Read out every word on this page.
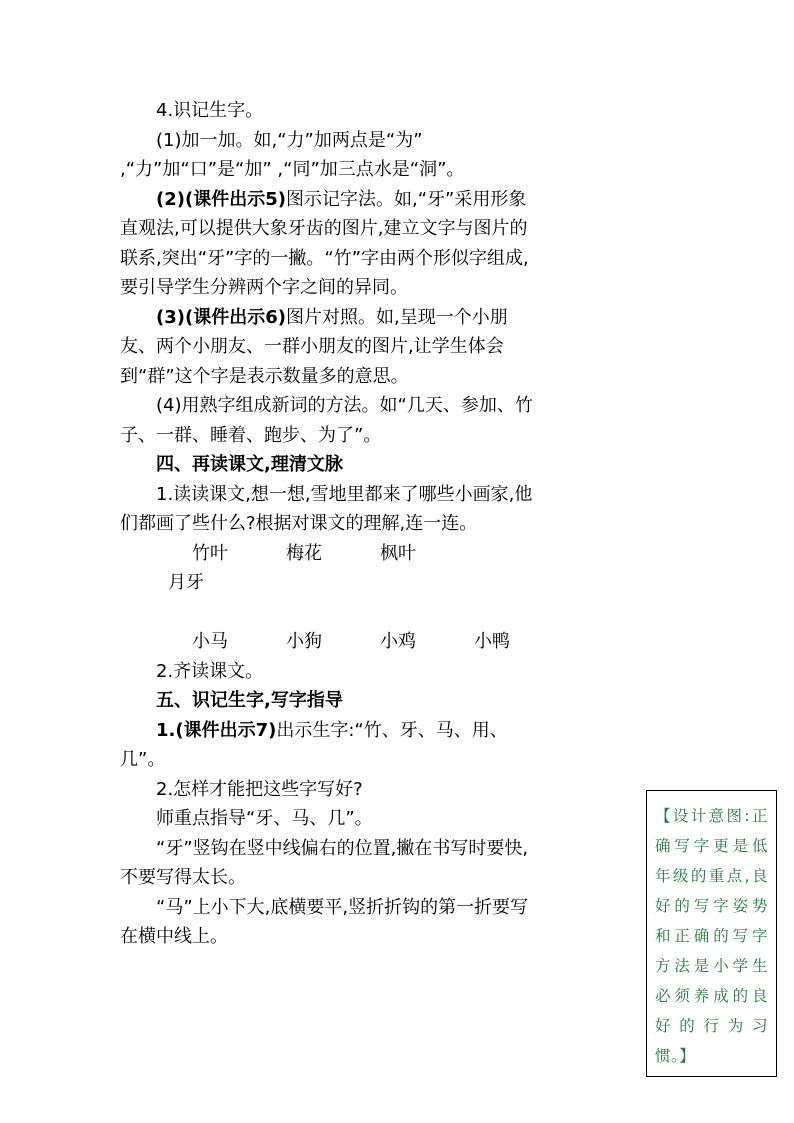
4.识记生字。

(1)加一加。如,“力”加两点是“为” ,“力”加“口”是“加” ,“同”加三点水是“洞”。

(2)(课件出示5)图示记字法。如,“牙”采用形象直观法,可以提供大象牙齿的图片,建立文字与图片的联系,突出“牙”字的一撇。“竹”字由两个形似字组成,要引导学生分辨两个字之间的异同。

(3)(课件出示6)图片对照。如,呈现一个小朋友、两个小朋友、一群小朋友的图片,让学生体会到“群”这个字是表示数量多的意思。

(4)用熟字组成新词的方法。如“几天、参加、竹子、一群、睡着、跑步、为了”。

四、再读课文,理清文脉

1.读读课文,想一想,雪地里都来了哪些小画家,他们都画了些什么?根据对课文的理解,连一连。

竹叶	梅花	枫叶月牙

小马	小狗	小鸡	小鸭

2.齐读课文。

五、识记生字,写字指导

1.(课件出示7)出示生字:“竹、牙、马、用、几”。

2.怎样才能把这些字写好?

师重点指导“牙、马、几”。

“牙”竖钩在竖中线偏右的位置,撇在书写时要快,不要写得太长。

“马”上小下大,底横要平,竖折折钩的第一折要写在横中线上。

【设计意图:正
确写字更是低
年级的重点,良
好的写字姿势
和正确的写字
方法是小学生
必须养成的良
好的行为习
惯。】
